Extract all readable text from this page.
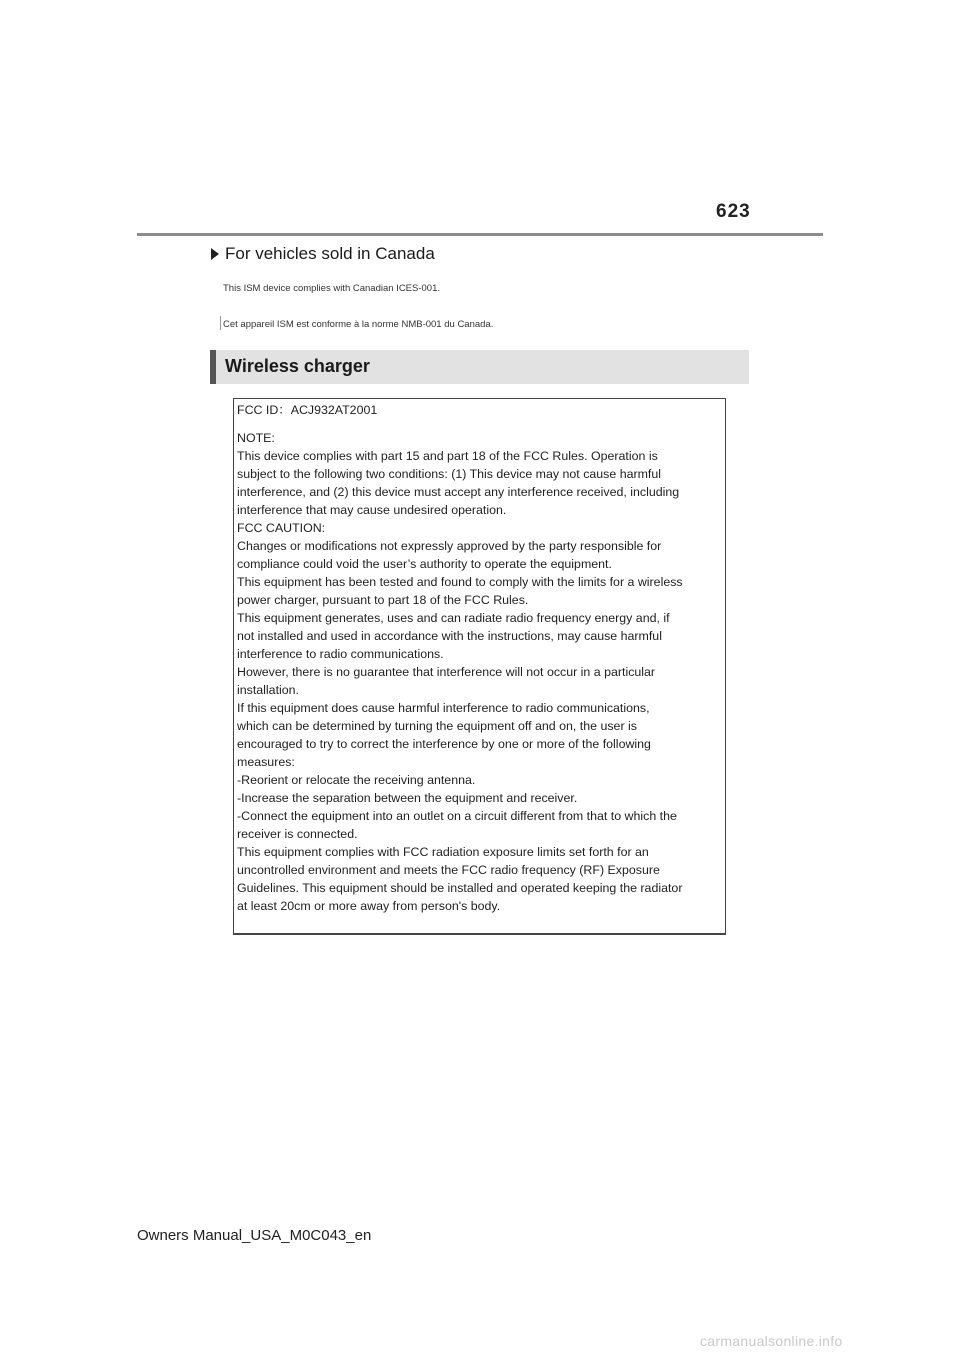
623
For vehicles sold in Canada
This ISM device complies with Canadian ICES-001.
Cet appareil ISM est conforme à la norme NMB-001 du Canada.
Wireless charger
FCC ID：ACJ932AT2001
NOTE:
This device complies with part 15 and part 18 of the FCC Rules. Operation is
subject to the following two conditions: (1) This device may not cause harmful
interference, and (2) this device must accept any interference received, including
interference that may cause undesired operation.
FCC CAUTION:
Changes or modifications not expressly approved by the party responsible for
compliance could void the user’s authority to operate the equipment.
This equipment has been tested and found to comply with the limits for a wireless
power charger, pursuant to part 18 of the FCC Rules.
This equipment generates, uses and can radiate radio frequency energy and, if
not installed and used in accordance with the instructions, may cause harmful
interference to radio communications.
However, there is no guarantee that interference will not occur in a particular
installation.
If this equipment does cause harmful interference to radio communications,
which can be determined by turning the equipment off and on, the user is
encouraged to try to correct the interference by one or more of the following
measures:
-Reorient or relocate the receiving antenna.
-Increase the separation between the equipment and receiver.
-Connect the equipment into an outlet on a circuit different from that to which the
receiver is connected.
This equipment complies with FCC radiation exposure limits set forth for an
uncontrolled environment and meets the FCC radio frequency (RF) Exposure
Guidelines. This equipment should be installed and operated keeping the radiator
at least 20cm or more away from person's body.
Owners Manual_USA_M0C043_en
carmanualsonline.info
